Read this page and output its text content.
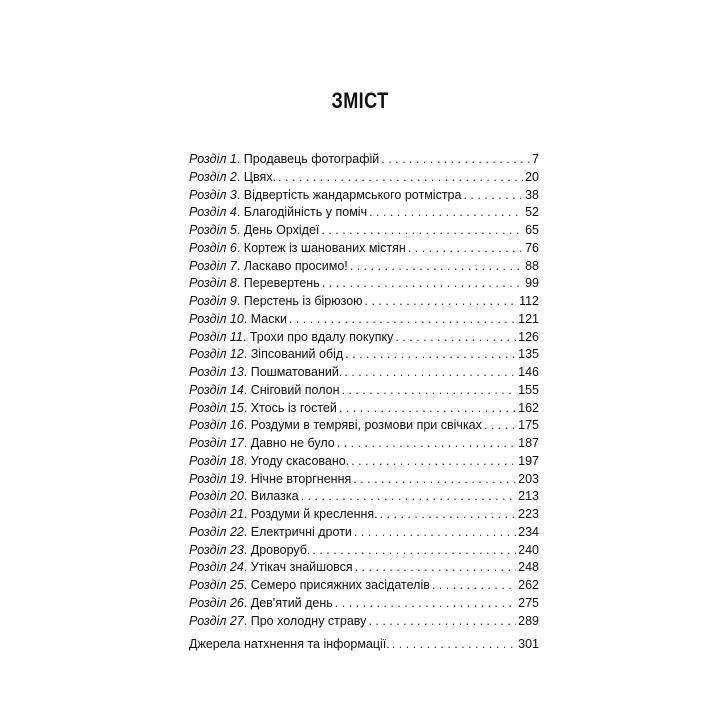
ЗМІСТ
Розділ 1 . Продавець фотографій . . .	7
Розділ 2 . Цвях. . . .	20
Розділ 3 . Відвертість жандармського ротмістра . . .	38
Розділ 4 . Благодійність у поміч . . .	52
Розділ 5 . День Орхідеї . . .	65
Розділ 6 . Кортеж із шанованих містян . . .	76
Розділ 7 . Ласкаво просимо! . . .	88
Розділ 8 . Перевертень . . .	99
Розділ 9 . Перстень із бірюзою . . .	112
Розділ 10 . Маски . . .	121
Розділ 11 . Трохи про вдалу покупку . . .	126
Розділ 12 . Зіпсований обід . . .	135
Розділ 13 . Пошматований. . . .	146
Розділ 14 . Сніговий полон . . .	155
Розділ 15 . Хтось із гостей . . .	162
Розділ 16 . Роздуми в темряві, розмови при свічках . . .	175
Розділ 17 . Давно не було . . .	187
Розділ 18 . Угоду скасовано. . . .	197
Розділ 19 . Нічне вторгнення . . .	203
Розділ 20 . Вилазка . . .	213
Розділ 21 . Роздуми й креслення. . . .	223
Розділ 22 . Електричні дроти . . .	234
Розділ 23 . Дроворуб. . . .	240
Розділ 24 . Утікач знайшовся . . .	248
Розділ 25 . Семеро присяжних засідателів . . .	262
Розділ 26 . Дев'ятий день . . .	275
Розділ 27 . Про холодну страву . . .	289
Джерела натхнення та інформації. . . .	301
